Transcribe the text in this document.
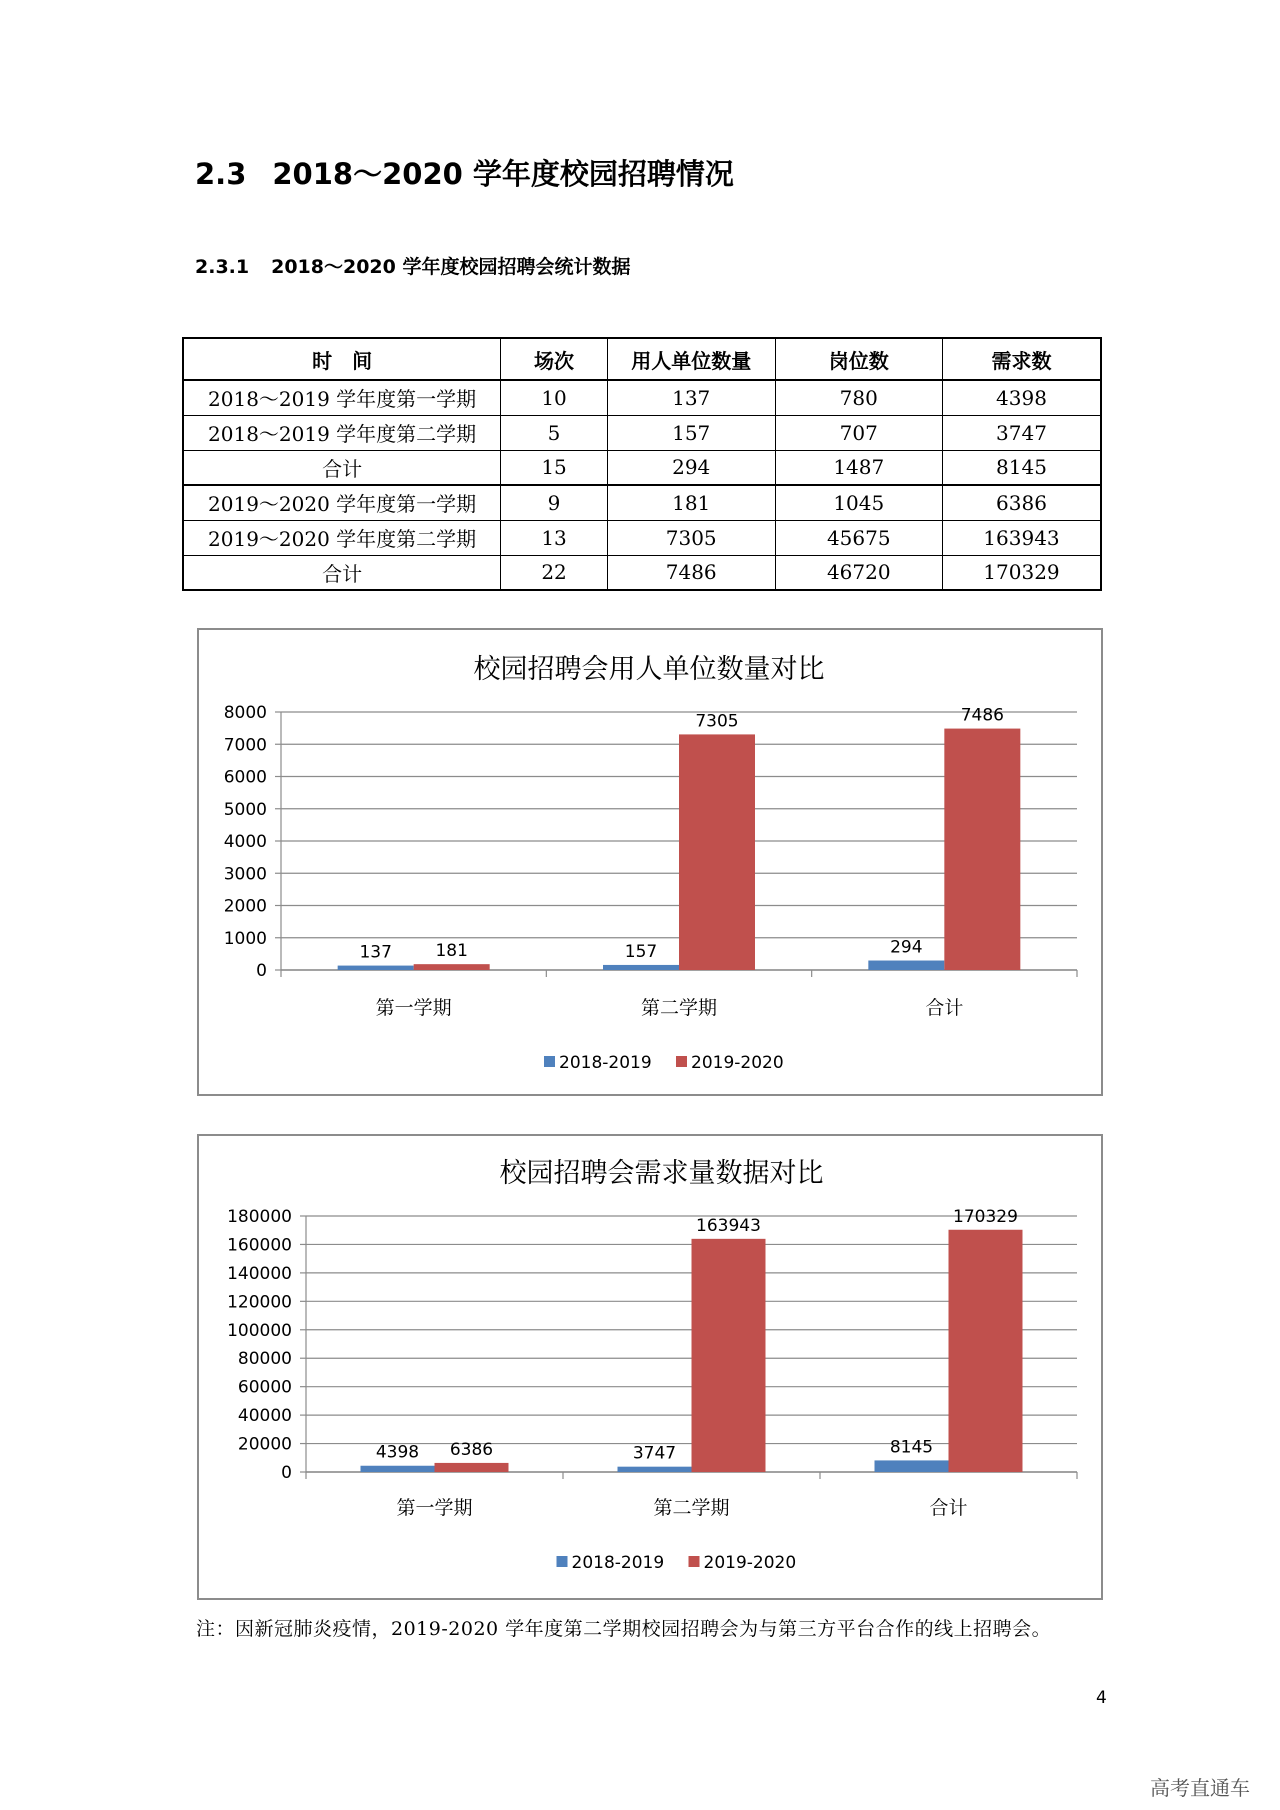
2.3 2018～2020 学年度校园招聘情况
2.3.1 2018～2020 学年度校园招聘会统计数据
时　间	场次	用人单位数量	岗位数	需求数
2018～2019 学年度第一学期	10	137	780	4398
2018～2019 学年度第二学期	5	157	707	3747
合计	15	294	1487	8145
2019～2020 学年度第一学期	9	181	1045	6386
2019～2020 学年度第二学期	13	7305	45675	163943
合计	22	7486	46720	170329
校园招聘会用人单位数量对比
0
1000
2000
3000
4000
5000
6000
7000
8000
第一学期
137	181
第二学期
157
7305
合计
294
7486
2018-2019 2019-2020
校园招聘会需求量数据对比
0
20000
40000
60000
80000
100000
120000
140000
160000
180000
第一学期
4398 6386
第二学期
3747
163943
合计
8145
170329
2018-2019 2019-2020
注：因新冠肺炎疫情，2019-2020 学年度第二学期校园招聘会为与第三方平台合作的线上招聘会。
4
高考直通车
